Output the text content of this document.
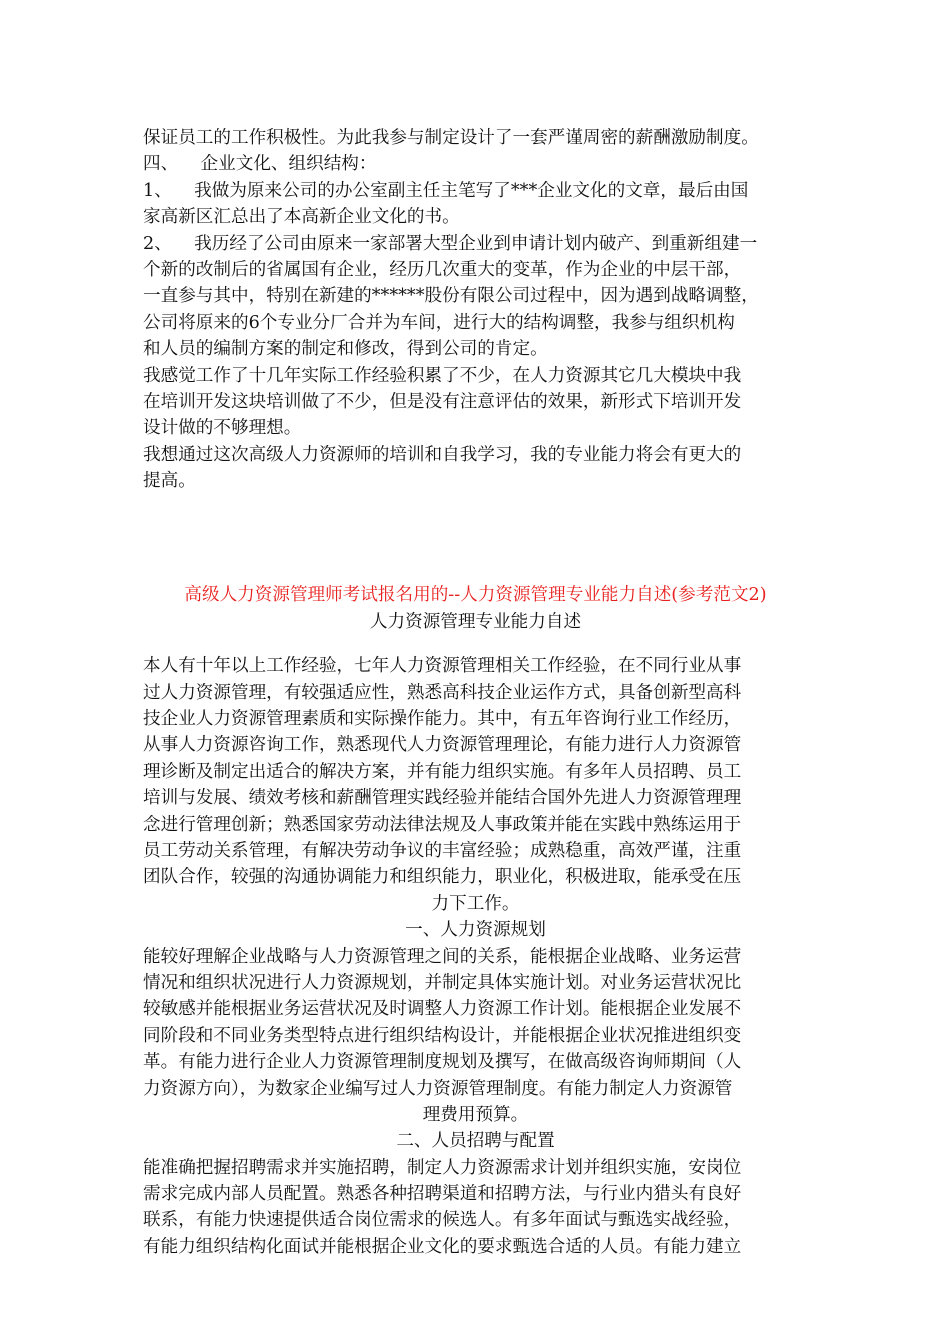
保证员工的工作积极性。为此我参与制定设计了一套严谨周密的薪酬激励制度。
四、    企业文化、组织结构：
1、    我做为原来公司的办公室副主任主笔写了***企业文化的文章，最后由国
家高新区汇总出了本高新企业文化的书。
2、    我历经了公司由原来一家部署大型企业到申请计划内破产、到重新组建一
个新的改制后的省属国有企业，经历几次重大的变革，作为企业的中层干部，
一直参与其中，特别在新建的******股份有限公司过程中，因为遇到战略调整，
公司将原来的6个专业分厂合并为车间，进行大的结构调整，我参与组织机构
和人员的编制方案的制定和修改，得到公司的肯定。
我感觉工作了十几年实际工作经验积累了不少，在人力资源其它几大模块中我
在培训开发这块培训做了不少，但是没有注意评估的效果，新形式下培训开发
设计做的不够理想。
我想通过这次高级人力资源师的培训和自我学习，我的专业能力将会有更大的
提高。
高级人力资源管理师考试报名用的--人力资源管理专业能力自述(参考范文2)
人力资源管理专业能力自述
本人有十年以上工作经验，七年人力资源管理相关工作经验，在不同行业从事
过人力资源管理，有较强适应性，熟悉高科技企业运作方式，具备创新型高科
技企业人力资源管理素质和实际操作能力。其中，有五年咨询行业工作经历，
从事人力资源咨询工作，熟悉现代人力资源管理理论，有能力进行人力资源管
理诊断及制定出适合的解决方案，并有能力组织实施。有多年人员招聘、员工
培训与发展、绩效考核和薪酬管理实践经验并能结合国外先进人力资源管理理
念进行管理创新；熟悉国家劳动法律法规及人事政策并能在实践中熟练运用于
员工劳动关系管理，有解决劳动争议的丰富经验；成熟稳重，高效严谨，注重
团队合作，较强的沟通协调能力和组织能力，职业化，积极进取，能承受在压
力下工作。
一、人力资源规划
能较好理解企业战略与人力资源管理之间的关系，能根据企业战略、业务运营
情况和组织状况进行人力资源规划，并制定具体实施计划。对业务运营状况比
较敏感并能根据业务运营状况及时调整人力资源工作计划。能根据企业发展不
同阶段和不同业务类型特点进行组织结构设计，并能根据企业状况推进组织变
革。有能力进行企业人力资源管理制度规划及撰写，在做高级咨询师期间（人
力资源方向），为数家企业编写过人力资源管理制度。有能力制定人力资源管
理费用预算。
二、人员招聘与配置
能准确把握招聘需求并实施招聘，制定人力资源需求计划并组织实施，安岗位
需求完成内部人员配置。熟悉各种招聘渠道和招聘方法，与行业内猎头有良好
联系，有能力快速提供适合岗位需求的候选人。有多年面试与甄选实战经验，
有能力组织结构化面试并能根据企业文化的要求甄选合适的人员。有能力建立
